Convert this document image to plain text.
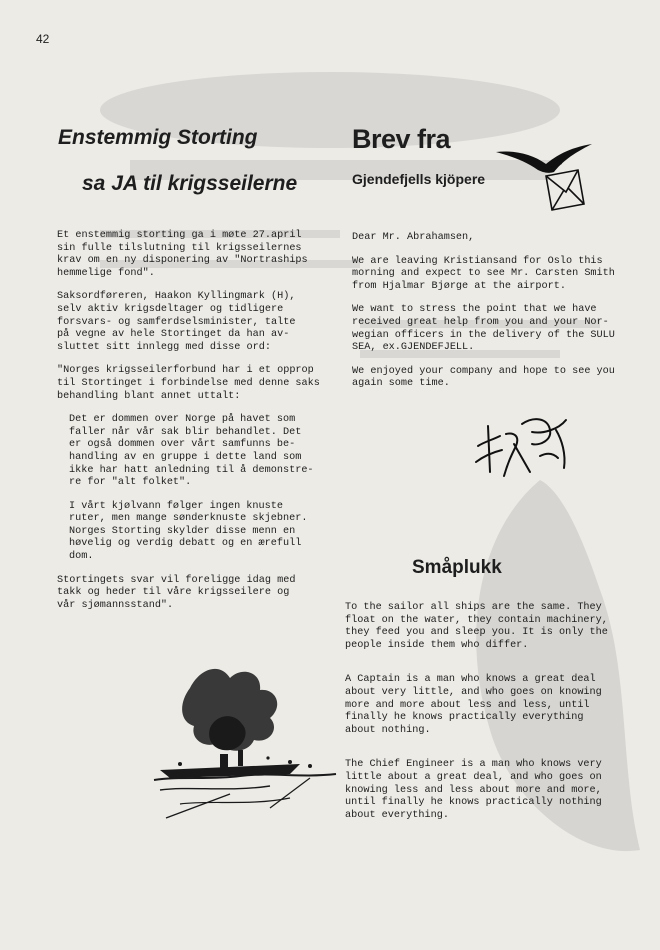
42
Enstemmig Storting
sa JA til krigsseilerne
Brev fra
Gjendefjells kjöpere

Et enstemmig storting ga i møte 27.april
sin fulle tilslutning til krigsseilernes
krav om en ny disponering av "Nortraships
hemmelige fond".

Saksordføreren, Haakon Kyllingmark (H),
selv aktiv krigsdeltager og tidligere
forsvars- og samferdselsminister, talte
på vegne av hele Stortinget da han av-
sluttet sitt innlegg med disse ord:

"Norges krigsseilerforbund har i et opprop
til Stortinget i forbindelse med denne saks
behandling blant annet uttalt:

Det er dommen over Norge på havet som
faller når vår sak blir behandlet. Det
er også dommen over vårt samfunns be-
handling av en gruppe i dette land som
ikke har hatt anledning til å demonstre-
re for "alt folket".

I vårt kjølvann følger ingen knuste
ruter, men mange sønderknuste skjebner.
Norges Storting skylder disse menn en
høvelig og verdig debatt og en ærefull
dom.

Stortingets svar vil foreligge idag med
takk og heder til våre krigsseilere og
vår sjømannsstand".

Dear Mr. Abrahamsen,

We are leaving Kristiansand for Oslo this
morning and expect to see Mr. Carsten Smith
from Hjalmar Bjørge at the airport.

We want to stress the point that we have
received great help from you and your Nor-
wegian officers in the delivery of the SULU
SEA, ex.GJENDEFJELL.

We enjoyed your company and hope to see you
again some time.

Småplukk

To the sailor all ships are the same. They
float on the water, they contain machinery,
they feed you and sleep you. It is only the
people inside them who differ.

A Captain is a man who knows a great deal
about very little, and who goes on knowing
more and more about less and less, until
finally he knows practically everything
about nothing.

The Chief Engineer is a man who knows very
little about a great deal, and who goes on
knowing less and less about more and more,
until finally he knows practically nothing
about everything.
